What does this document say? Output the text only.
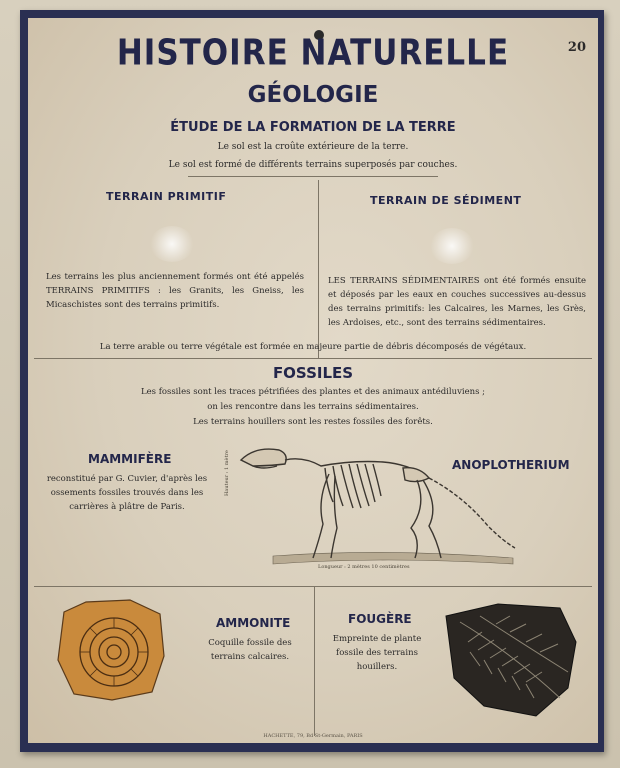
20
HISTOIRE NATURELLE
GÉOLOGIE
ÉTUDE DE LA FORMATION DE LA TERRE
Le sol est la croûte extérieure de la terre.
Le sol est formé de différents terrains superposés par couches.
TERRAIN PRIMITIF
Les terrains les plus anciennement formés ont été appelés TERRAINS PRIMITIFS : les Granits, les Gneiss, les Micaschistes sont des terrains primitifs.
TERRAIN DE SÉDIMENT
LES TERRAINS SÉDIMENTAIRES ont été formés ensuite et déposés par les eaux en couches successives au-dessus des terrains primitifs: les Calcaires, les Marnes, les Grès, les Ardoises, etc., sont des terrains sédimentaires.
La terre arable ou terre végétale est formée en majeure partie de débris décomposés de végétaux.
FOSSILES
Les fossiles sont les traces pétrifiées des plantes et des animaux antédiluviens ;
on les rencontre dans les terrains sédimentaires.
Les terrains houillers sont les restes fossiles des forêts.
MAMMIFÈRE
reconstitué par G. Cuvier, d'après les ossements fossiles trouvés dans les carrières à plâtre de Paris.
ANOPLOTHERIUM
Hauteur : 1 mètre
Longueur : 2 mètres 10 centimètres
AMMONITE
Coquille fossile des terrains calcaires.
FOUGÈRE
Empreinte de plante fossile des terrains houillers.
HACHETTE, 79, Bd St-Germain, PARIS
